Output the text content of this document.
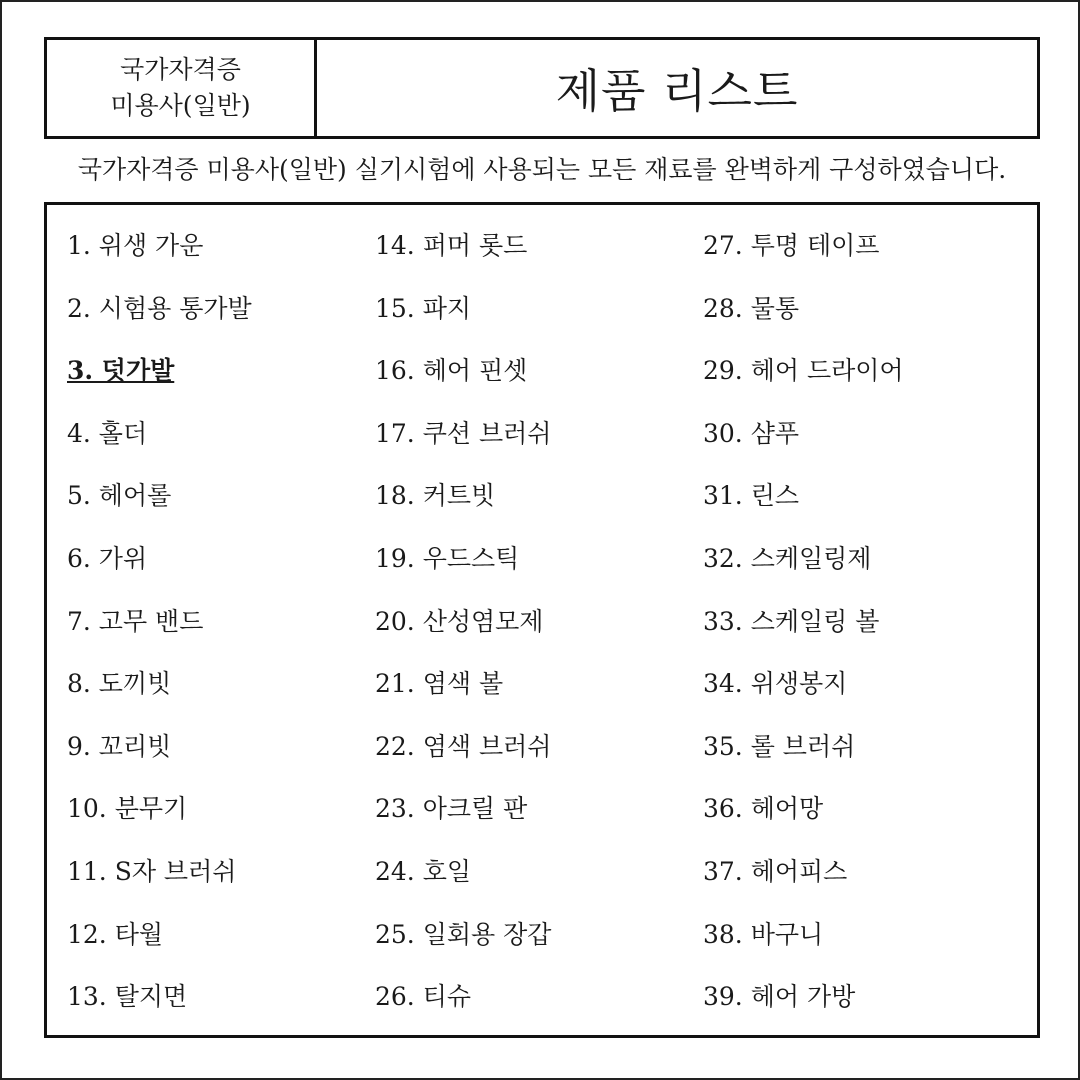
국가자격증
미용사(일반)	제품 리스트
국가자격증 미용사(일반) 실기시험에 사용되는 모든 재료를 완벽하게 구성하였습니다.
1. 위생 가운
2. 시험용 통가발
3. 덧가발
4. 홀더
5. 헤어롤
6. 가위
7. 고무 밴드
8. 도끼빗
9. 꼬리빗
10. 분무기
11. S자 브러쉬
12. 타월
13. 탈지면
14. 퍼머 롯드
15. 파지
16. 헤어 핀셋
17. 쿠션 브러쉬
18. 커트빗
19. 우드스틱
20. 산성염모제
21. 염색 볼
22. 염색 브러쉬
23. 아크릴 판
24. 호일
25. 일회용 장갑
26. 티슈
27. 투명 테이프
28. 물통
29. 헤어 드라이어
30. 샴푸
31. 린스
32. 스케일링제
33. 스케일링 볼
34. 위생봉지
35. 롤 브러쉬
36. 헤어망
37. 헤어피스
38. 바구니
39. 헤어 가방
